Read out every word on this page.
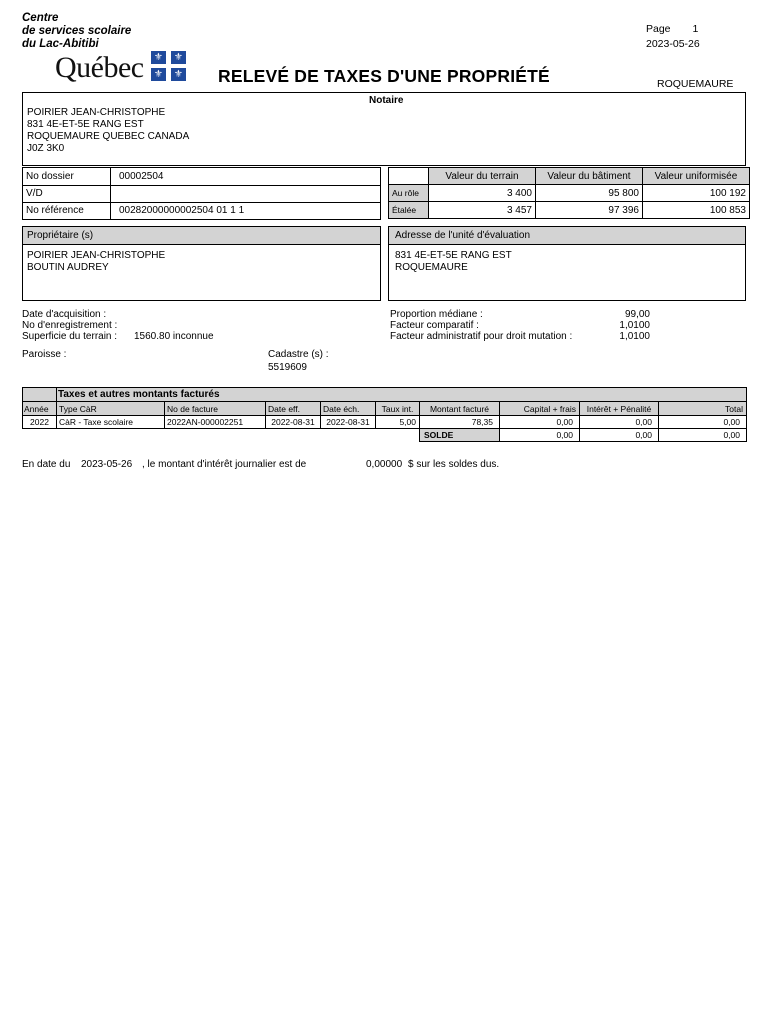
Centre
de services scolaire
du Lac-Abitibi
Québec	⚜	⚜
⚜	⚜ RELEVÉ DE TAXES D'UNE PROPRIÉTÉ
Page 1
2023-05-26
ROQUEMAURE
Notaire
POIRIER JEAN-CHRISTOPHE
831 4E-ET-5E RANG EST
ROQUEMAURE QUEBEC CANADA
J0Z 3K0
No dossier	00002504
V/D
No référence	00282000000002504 01 1 1
	Valeur du terrain	Valeur du bâtiment	Valeur uniformisée
Au rôle	3 400	95 800	100 192
Étalée	3 457	97 396	100 853
Propriétaire (s)
POIRIER JEAN-CHRISTOPHE
BOUTIN AUDREY
Adresse de l'unité d'évaluation
831 4E-ET-5E RANG EST
ROQUEMAURE
Date d'acquisition :
No d'enregistrement :
Superficie du terrain : 1560.80 inconnue
Paroisse :	Cadastre (s) :
5519609
Proportion médiane :	99,00
Facteur comparatif :	1,0100
Facteur administratif pour droit mutation :	1,0100
	Taxes et autres montants facturés								
Année	Type CàR	No de facture	Date eff.	Date éch.	Taux int.	Montant facturé	Capital + frais	Intérêt + Pénalité	Total
2022	CàR - Taxe scolaire	2022AN-000002251	2022-08-31	2022-08-31	5,00	78,35	0,00	0,00	0,00
						SOLDE	0,00	0,00	0,00
En date du 2023-05-26 , le montant d'intérêt journalier est de	0,00000 $ sur les soldes dus.
